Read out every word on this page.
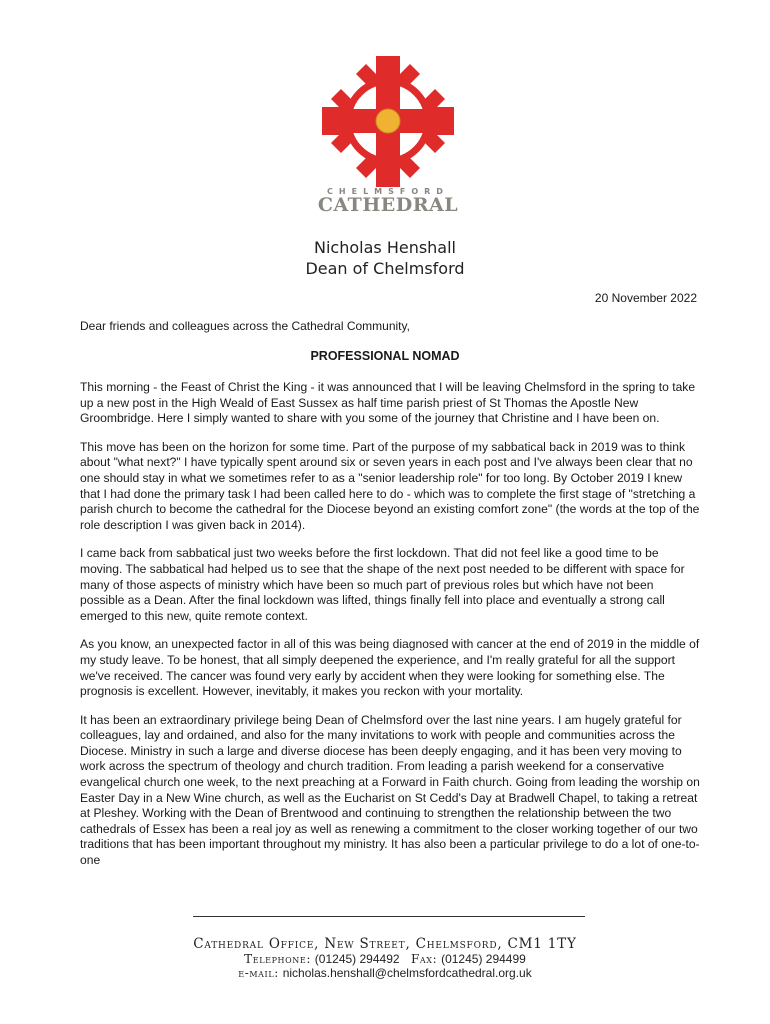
CHELMSFORD
CATHEDRAL
Nicholas Henshall
Dean of Chelmsford
20 November 2022
Dear friends and colleagues across the Cathedral Community,
PROFESSIONAL NOMAD

This morning - the Feast of Christ the King - it was announced that I will be leaving Chelmsford in the spring to take up a new post in the High Weald of East Sussex as half time parish priest of St Thomas the Apostle New Groombridge. Here I simply wanted to share with you some of the journey that Christine and I have been on.

This move has been on the horizon for some time. Part of the purpose of my sabbatical back in 2019 was to think about "what next?" I have typically spent around six or seven years in each post and I've always been clear that no one should stay in what we sometimes refer to as a "senior leadership role" for too long. By October 2019 I knew that I had done the primary task I had been called here to do - which was to complete the first stage of "stretching a parish church to become the cathedral for the Diocese beyond an existing comfort zone" (the words at the top of the role description I was given back in 2014).

I came back from sabbatical just two weeks before the first lockdown. That did not feel like a good time to be moving. The sabbatical had helped us to see that the shape of the next post needed to be different with space for many of those aspects of ministry which have been so much part of previous roles but which have not been possible as a Dean. After the final lockdown was lifted, things finally fell into place and eventually a strong call emerged to this new, quite remote context.

As you know, an unexpected factor in all of this was being diagnosed with cancer at the end of 2019 in the middle of my study leave. To be honest, that all simply deepened the experience, and I'm really grateful for all the support we've received. The cancer was found very early by accident when they were looking for something else. The prognosis is excellent. However, inevitably, it makes you reckon with your mortality.

It has been an extraordinary privilege being Dean of Chelmsford over the last nine years. I am hugely grateful for colleagues, lay and ordained, and also for the many invitations to work with people and communities across the Diocese. Ministry in such a large and diverse diocese has been deeply engaging, and it has been very moving to work across the spectrum of theology and church tradition. From leading a parish weekend for a conservative evangelical church one week, to the next preaching at a Forward in Faith church. Going from leading the worship on Easter Day in a New Wine church, as well as the Eucharist on St Cedd's Day at Bradwell Chapel, to taking a retreat at Pleshey. Working with the Dean of Brentwood and continuing to strengthen the relationship between the two cathedrals of Essex has been a real joy as well as renewing a commitment to the closer working together of our two traditions that has been important throughout my ministry. It has also been a particular privilege to do a lot of one-to-one

Cathedral Office, New Street, Chelmsford, CM1 1TY
Telephone: (01245) 294492 Fax: (01245) 294499
e-mail: nicholas.henshall@chelmsfordcathedral.org.uk
